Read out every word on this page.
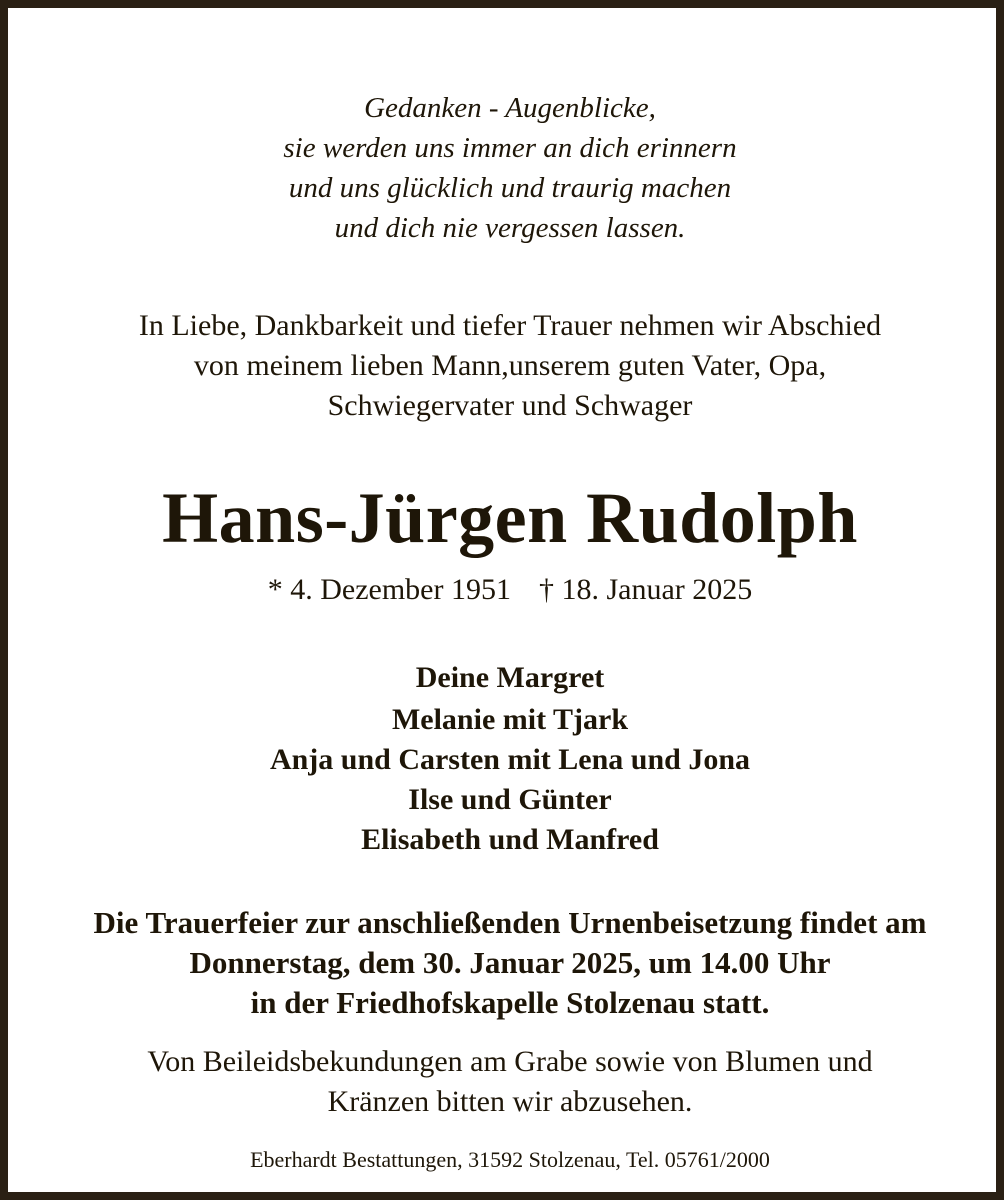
Gedanken - Augenblicke,

sie werden uns immer an dich erinnern

und uns glücklich und traurig machen

und dich nie vergessen lassen.

In Liebe, Dankbarkeit und tiefer Trauer nehmen wir Abschied

von meinem lieben Mann,unserem guten Vater, Opa,

Schwiegervater und Schwager

Hans-Jürgen Rudolph

* 4. Dezember 1951 † 18. Januar 2025

Deine Margret

Melanie mit Tjark

Anja und Carsten mit Lena und Jona

Ilse und Günter

Elisabeth und Manfred

Die Trauerfeier zur anschließenden Urnenbeisetzung findet am

Donnerstag, dem 30. Januar 2025, um 14.00 Uhr

in der Friedhofskapelle Stolzenau statt.

Von Beileidsbekundungen am Grabe sowie von Blumen und

Kränzen bitten wir abzusehen.

Eberhardt Bestattungen, 31592 Stolzenau, Tel. 05761/2000
